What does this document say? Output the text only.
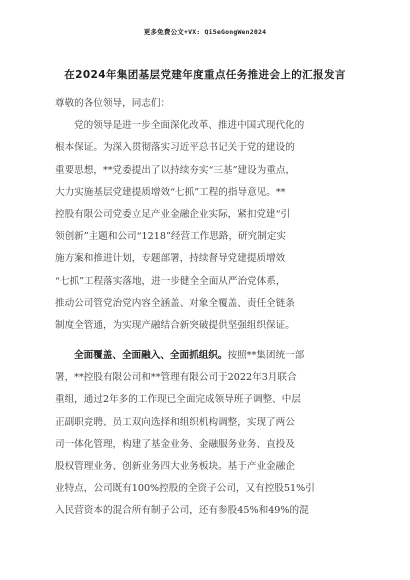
更多免费公文+VX: Qi5eGongWen2024
在2024年集团基层党建年度重点任务推进会上的汇报发言
尊敬的各位领导，同志们：
党的领导是进一步全面深化改革、推进中国式现代化的
根本保证。为深入贯彻落实习近平总书记关于党的建设的
重要思想，**党委提出了以持续夯实“三基”建设为重点，
大力实施基层党建提质增效“七抓”工程的指导意见。**
控股有限公司党委立足产业金融企业实际，紧扣党建“引
领创新”主题和公司“1218”经营工作思路，研究制定实
施方案和推进计划，专题部署，持续督导党建提质增效
“七抓”工程落实落地，进一步健全全面从严治党体系，
推动公司管党治党内容全涵盖、对象全覆盖、责任全链条
制度全管通，为实现产融结合新突破提供坚强组织保证。
全面覆盖、全面融入、全面抓组织。按照**集团统一部
署，**控股有限公司和**管理有限公司于2022年3月联合
重组，通过2年多的工作现已全面完成领导班子调整、中层
正副职竞聘、员工双向选择和组织机构调整，实现了两公
司一体化管理，构建了基金业务、金融服务业务、直投及
股权管理业务、创新业务四大业务板块。基于产业金融企
业特点，公司既有100%控股的全资子公司，又有控股51%引
入民营资本的混合所有制子公司，还有参股45%和49%的混
